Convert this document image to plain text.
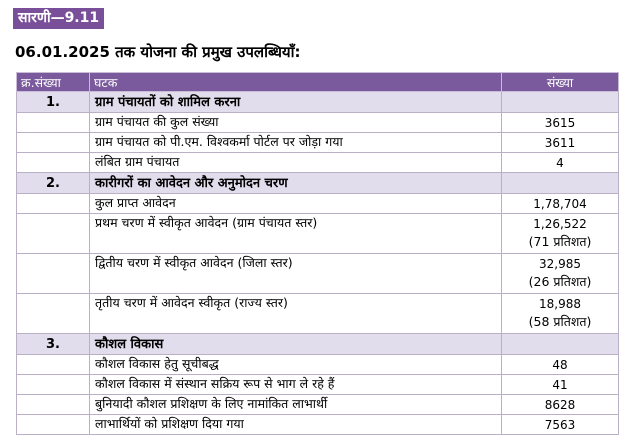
सारणी—9.11
06.01.2025 तक योजना की प्रमुख उपलब्धियाँ:
क्र.संख्या	घटक	संख्या
1.	ग्राम पंचायतों को शामिल करना	
	ग्राम पंचायत की कुल संख्या	3615

	ग्राम पंचायत को पी.एम. विश्वकर्मा पोर्टल पर जोड़ा गया	3611

	लंबित ग्राम पंचायत	4

2.	कारीगरों का आवेदन और अनुमोदन चरण	
	कुल प्राप्त आवेदन	1,78,704

	प्रथम चरण में स्वीकृत आवेदन (ग्राम पंचायत स्तर)	1,26,522
(71 प्रतिशत)

	द्वितीय चरण में स्वीकृत आवेदन (जिला स्तर)	32,985
(26 प्रतिशत)

	तृतीय चरण में आवेदन स्वीकृत (राज्य स्तर)	18,988
(58 प्रतिशत)

3.	कौशल विकास	
	कौशल विकास हेतु सूचीबद्ध	48

	कौशल विकास में संस्थान सक्रिय रूप से भाग ले रहे हैं	41

	बुनियादी कौशल प्रशिक्षण के लिए नामांकित लाभार्थी	8628

	लाभार्थियों को प्रशिक्षण दिया गया	7563
